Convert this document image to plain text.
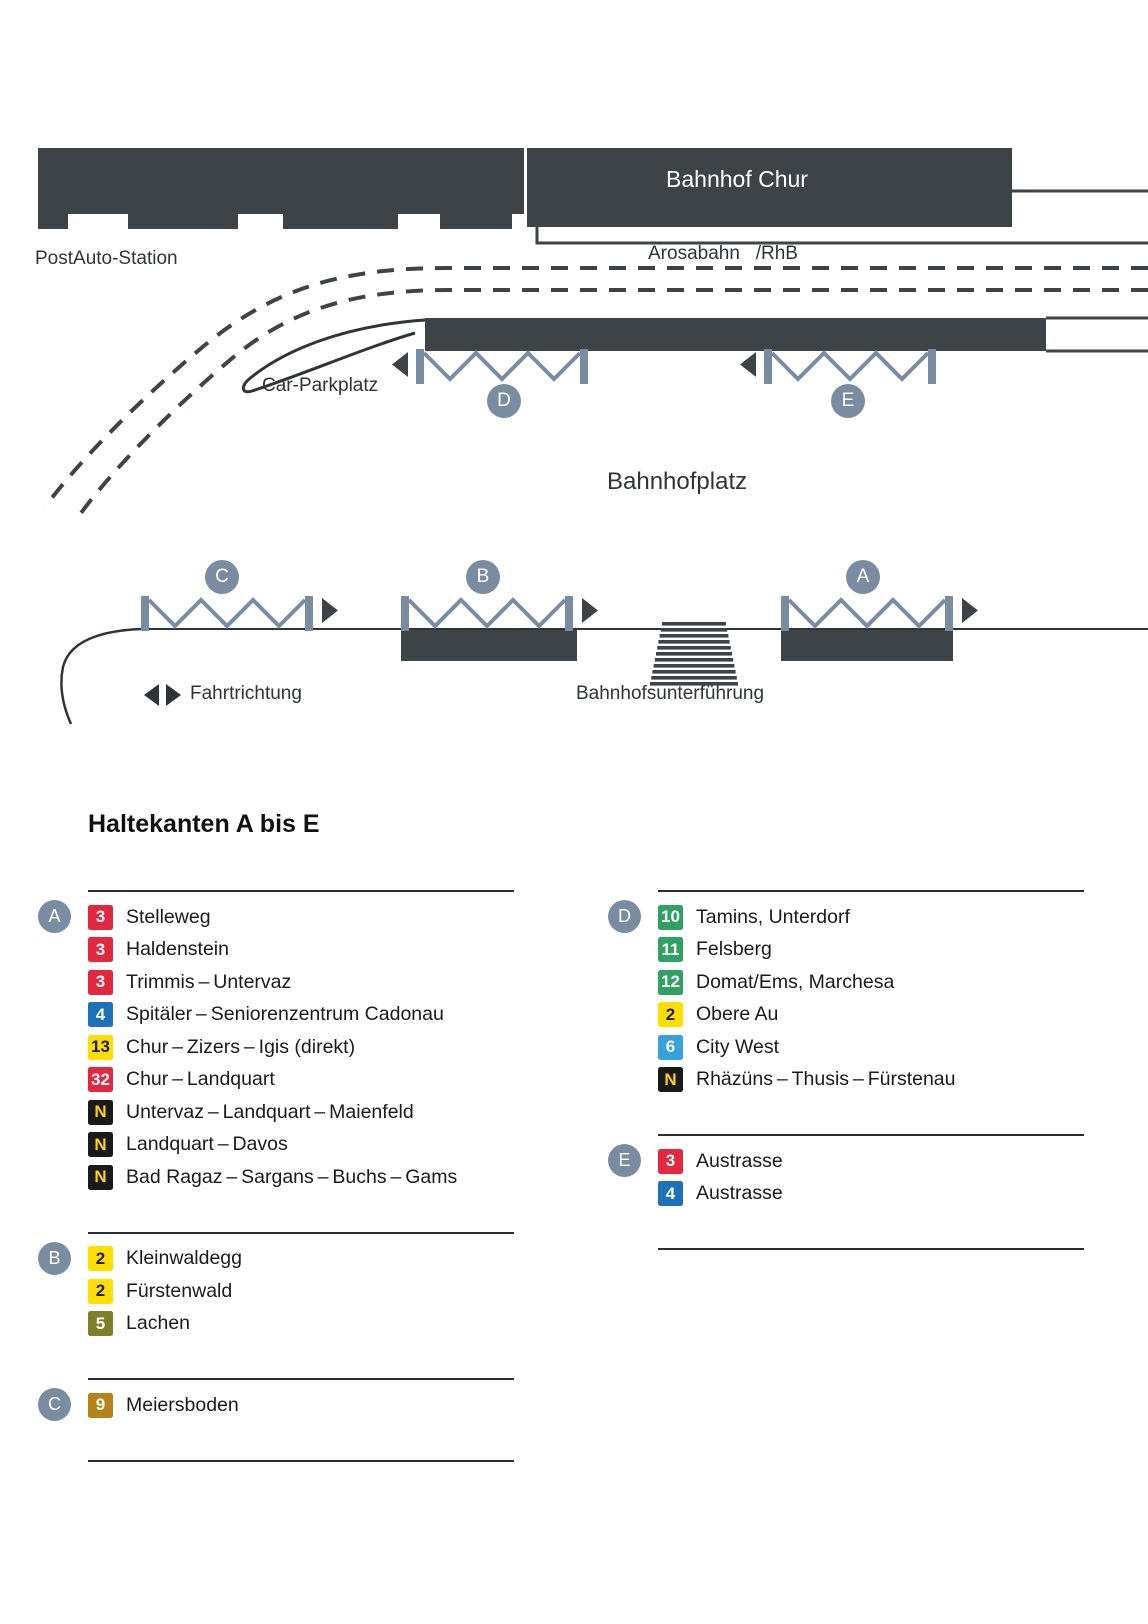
Bahnhof Chur
PostAuto-Station	Arosabahn   /RhB
Car-Parkplatz
Bahnhofplatz
Fahrtrichtung	Bahnhofsunterführung
D	E
C	B	A
Haltekanten A bis E
A	3	Stelleweg
3	Haldenstein
3	Trimmis – Untervaz
4	Spitäler – Seniorenzentrum Cadonau
13 Chur – Zizers – Igis (direkt)
32 Chur – Landquart
N Untervaz – Landquart – Maienfeld
N Landquart – Davos
N Bad Ragaz – Sargans – Buchs – Gams
B	2	Kleinwaldegg
2	Fürstenwald
5	Lachen
C	9	Meiersboden
D	10 Tamins, Unterdorf
11 Felsberg
12 Domat/Ems, Marchesa
2	Obere Au
6	City West
N Rhäzüns – Thusis – Fürstenau
E	3	Austrasse
4	Austrasse
